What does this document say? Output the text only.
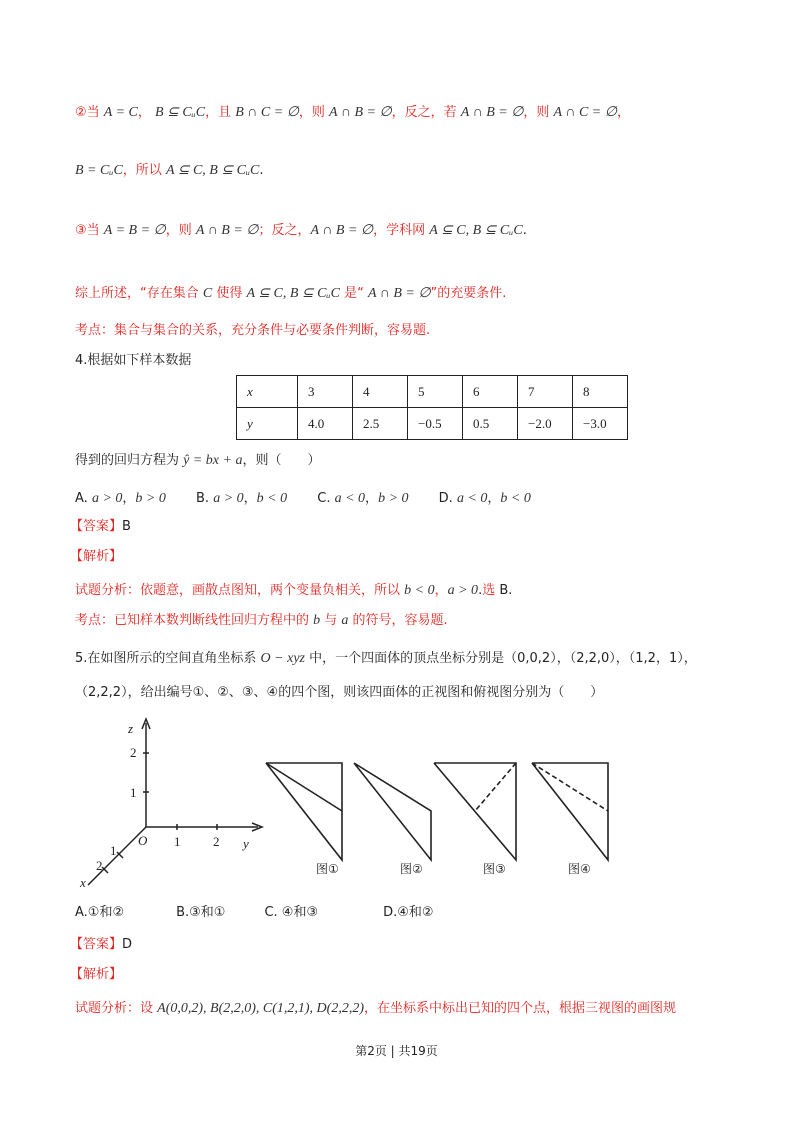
②当 A = C， B ⊆ CᵤC，且 B ∩ C = ∅，则 A ∩ B = ∅，反之，若 A ∩ B = ∅，则 A ∩ C = ∅，
B = CᵤC，所以 A ⊆ C, B ⊆ CᵤC.
③当 A = B = ∅，则 A ∩ B = ∅；反之，A ∩ B = ∅，学科网 A ⊆ C, B ⊆ CᵤC.
综上所述，“存在集合 C 使得 A ⊆ C, B ⊆ CᵤC 是“ A ∩ B = ∅”的充要条件.
考点：集合与集合的关系，充分条件与必要条件判断，容易题.
4.根据如下样本数据
得到的回归方程为 ŷ = bx + a，则（　　）
A. a > 0，b > 0　　 B. a > 0，b < 0　　 C. a < 0，b > 0　　 D. a < 0，b < 0
【答案】B
【解析】
试题分析：依题意，画散点图知，两个变量负相关，所以 b < 0，a > 0.选 B.
考点：已知样本数判断线性回归方程中的 b 与 a 的符号，容易题.
5.在如图所示的空间直角坐标系 O − xyz 中，一个四面体的顶点坐标分别是（0,0,2），（2,2,0），（1,2，1），
（2,2,2），给出编号①、②、③、④的四个图，则该四面体的正视图和俯视图分别为（　　）
A.①和②　　　　B.③和①　　　C. ④和③　　　　　D.④和②
【答案】D
【解析】
试题分析：设 A(0,0,2), B(2,2,0), C(1,2,1), D(2,2,2)，在坐标系中标出已知的四个点，根据三视图的画图规
x	3	4	5	6	7	8
y	4.0	2.5	−0.5	0.5	−2.0	−3.0
z
2
1
O 1	2 y
1
2
x
图①	图②	图③	图④
第2页 | 共19页
